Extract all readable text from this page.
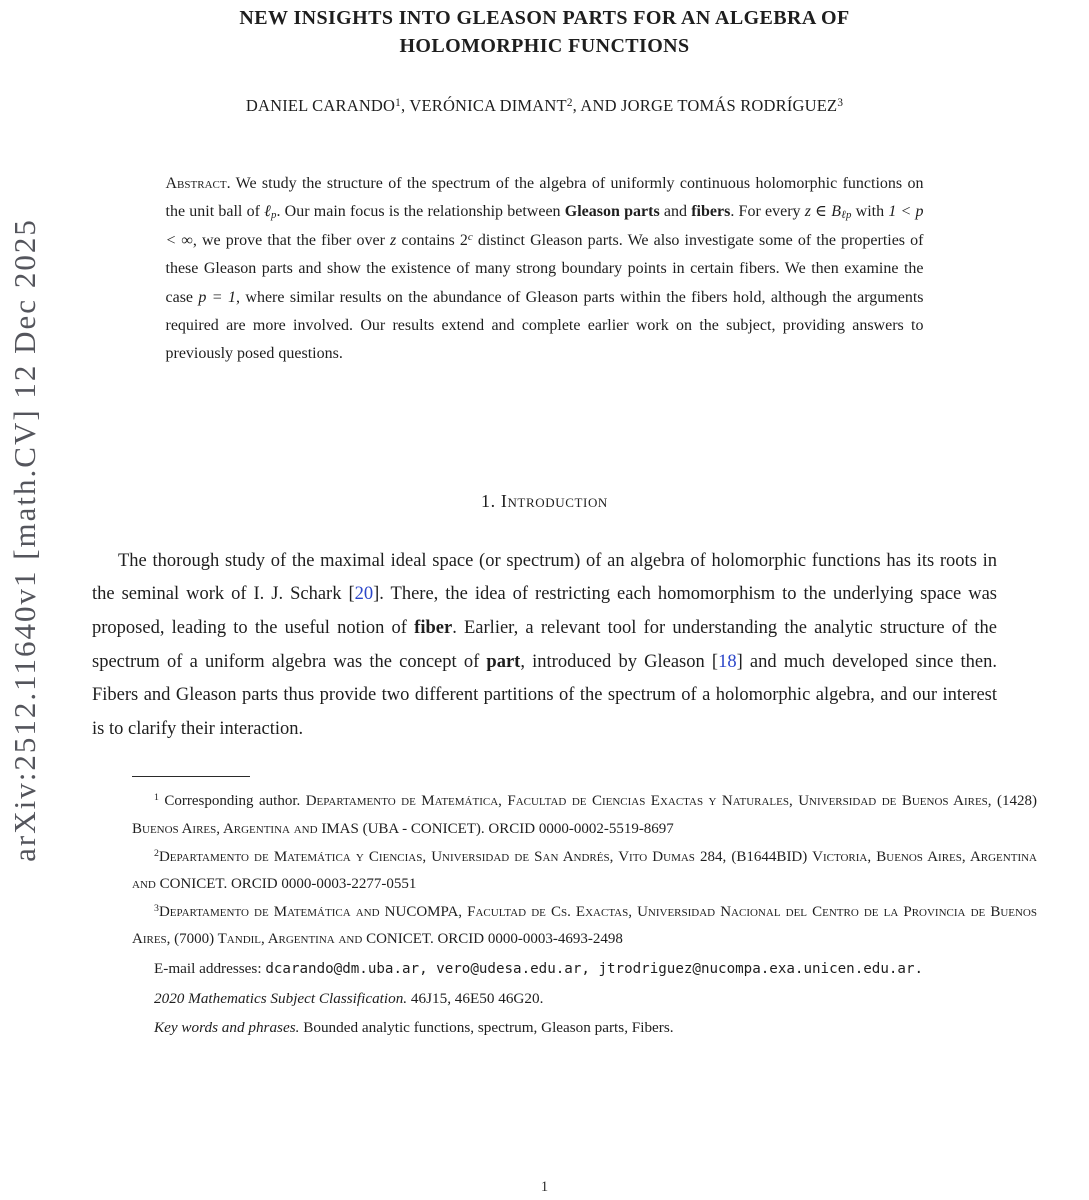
arXiv:2512.11640v1 [math.CV] 12 Dec 2025
NEW INSIGHTS INTO GLEASON PARTS FOR AN ALGEBRA OF
HOLOMORPHIC FUNCTIONS
DANIEL CARANDO$^1$, VERÓNICA DIMANT$^2$, AND JORGE TOMÁS RODRÍGUEZ$^3$

Abstract. We study the structure of the spectrum of the algebra of uniformly continuous holomorphic functions on the unit ball of ℓ$_p$. Our main focus is the relationship between Gleason parts and fibers. For every z ∈ $B_{\ell p}$ with 1 < p < ∞, we prove that the fiber over z contains 2$^c$ distinct Gleason parts. We also investigate some of the properties of these Gleason parts and show the existence of many strong boundary points in certain fibers. We then examine the case p = 1, where similar results on the abundance of Gleason parts within the fibers hold, although the arguments required are more involved. Our results extend and complete earlier work on the subject, providing answers to previously posed questions.

1. Introduction

The thorough study of the maximal ideal space (or spectrum) of an algebra of holomorphic functions has its roots in the seminal work of I. J. Schark [20]. There, the idea of restricting each homomorphism to the underlying space was proposed, leading to the useful notion of fiber. Earlier, a relevant tool for understanding the analytic structure of the spectrum of a uniform algebra was the concept of part, introduced by Gleason [18] and much developed since then. Fibers and Gleason parts thus provide two different partitions of the spectrum of a holomorphic algebra, and our interest is to clarify their interaction.

$^1$ Corresponding author. Departamento de Matemática, Facultad de Ciencias Exactas y Naturales, Universidad de Buenos Aires, (1428) Buenos Aires, Argentina and IMAS (UBA - CONICET). ORCID 0000-0002-5519-8697

$^2$Departamento de Matemática y Ciencias, Universidad de San Andrés, Vito Dumas 284, (B1644BID) Victoria, Buenos Aires, Argentina and CONICET. ORCID 0000-0003-2277-0551

$^3$Departamento de Matemática and NUCOMPA, Facultad de Cs. Exactas, Universidad Nacional del Centro de la Provincia de Buenos Aires, (7000) Tandil, Argentina and CONICET. ORCID 0000-0003-4693-2498

E-mail addresses: dcarando@dm.uba.ar, vero@udesa.edu.ar, jtrodriguez@nucompa.exa.unicen.edu.ar.

2020 Mathematics Subject Classification. 46J15, 46E50 46G20.

Key words and phrases. Bounded analytic functions, spectrum, Gleason parts, Fibers.

1
